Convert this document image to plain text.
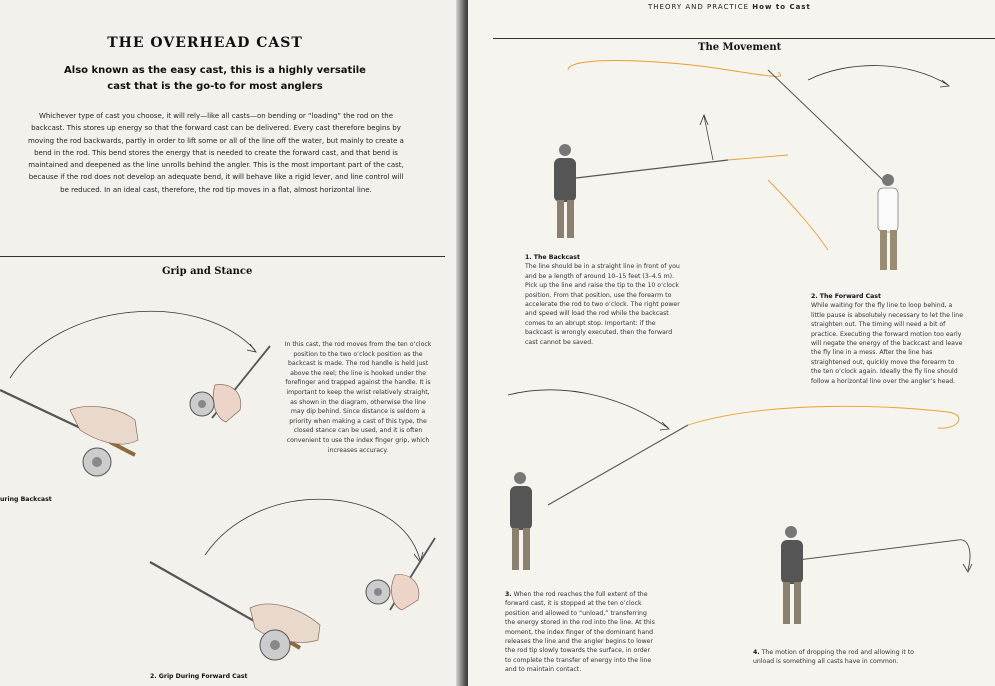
THE OVERHEAD CAST
Also known as the easy cast, this is a highly versatile cast that is the go-to for most anglers
Whichever type of cast you choose, it will rely—like all casts—on bending or “loading” the rod on the backcast. This stores up energy so that the forward cast can be delivered. Every cast therefore begins by moving the rod backwards, partly in order to lift some or all of the line off the water, but mainly to create a bend in the rod. This bend stores the energy that is needed to create the forward cast, and that bend is maintained and deepened as the line unrolls behind the angler. This is the most important part of the cast, because if the rod does not develop an adequate bend, it will behave like a rigid lever, and line control will be reduced. In an ideal cast, therefore, the rod tip moves in a flat, almost horizontal line.
Grip and Stance
In this cast, the rod moves from the ten o’clock position to the two o’clock position as the backcast is made. The rod handle is held just above the reel; the line is hooked under the forefinger and trapped against the handle. It is important to keep the wrist relatively straight, as shown in the diagram, otherwise the line may dip behind. Since distance is seldom a priority when making a cast of this type, the closed stance can be used, and it is often convenient to use the index finger grip, which increases accuracy.
uring Backcast
2. Grip During Forward Cast
THEORY AND PRACTICE How to Cast
The Movement
1. The Backcast
The line should be in a straight line in front of you and be a length of around 10–15 feet (3–4.5 m). Pick up the line and raise the tip to the 10 o’clock position. From that position, use the forearm to accelerate the rod to two o’clock. The right power and speed will load the rod while the backcast comes to an abrupt stop. Important: if the backcast is wrongly executed, then the forward cast cannot be saved.
2. The Forward Cast
While waiting for the fly line to loop behind, a little pause is absolutely necessary to let the line straighten out. The timing will need a bit of practice. Executing the forward motion too early will negate the energy of the backcast and leave the fly line in a mess. After the line has straightened out, quickly move the forearm to the ten o’clock again. Ideally the fly line should follow a horizontal line over the angler’s head.
3. When the rod reaches the full extent of the forward cast, it is stopped at the ten o’clock position and allowed to “unload,” transferring the energy stored in the rod into the line. At this moment, the index finger of the dominant hand releases the line and the angler begins to lower the rod tip slowly towards the surface, in order to complete the transfer of energy into the line and to maintain contact.
4. The motion of dropping the rod and allowing it to unload is something all casts have in common.
